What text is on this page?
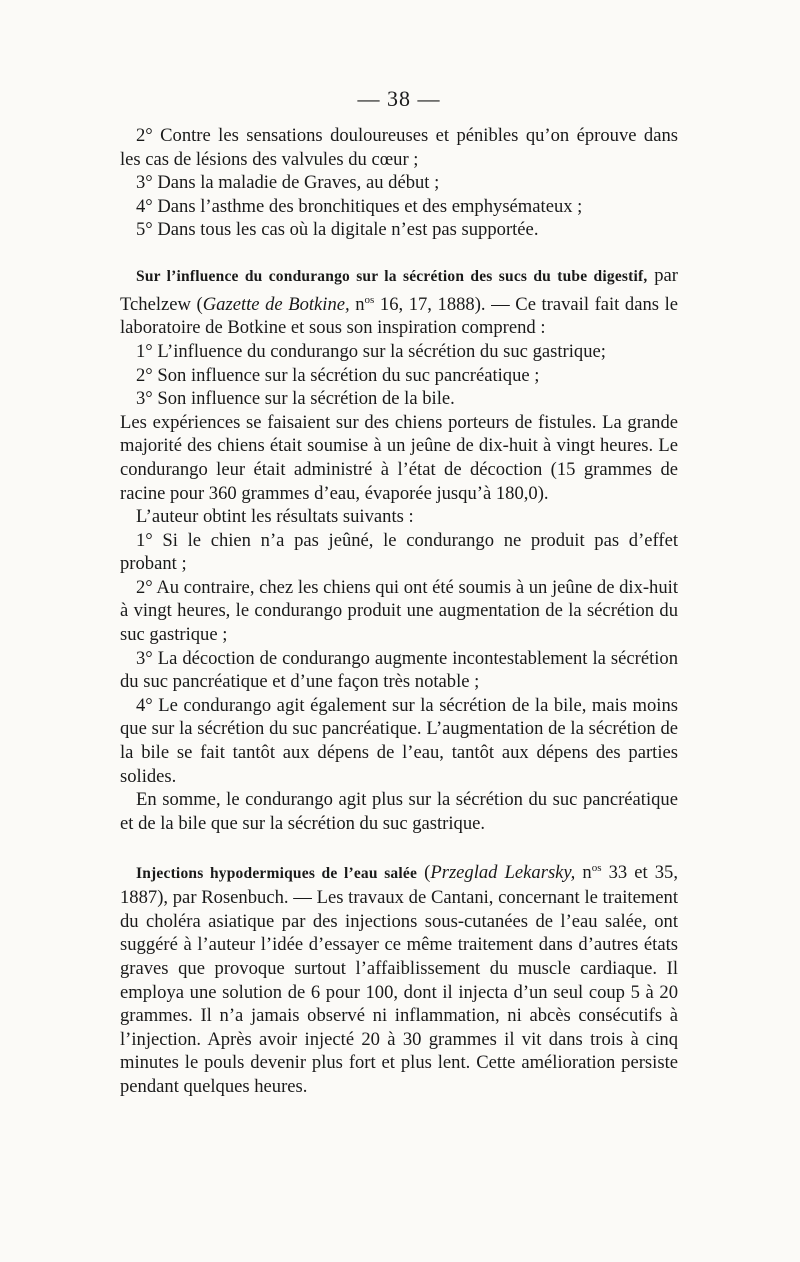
— 38 —

2° Contre les sensations douloureuses et pénibles qu’on éprouve dans les cas de lésions des valvules du cœur ;

3° Dans la maladie de Graves, au début ;

4° Dans l’asthme des bronchitiques et des emphysémateux ;

5° Dans tous les cas où la digitale n’est pas supportée.

Sur l’influence du condurango sur la sécrétion des sucs du tube digestif, par Tchelzew (Gazette de Botkine, $n^{os}$ 16, 17, 1888). — Ce travail fait dans le laboratoire de Botkine et sous son inspiration comprend :

1° L’influence du condurango sur la sécrétion du suc gastrique;

2° Son influence sur la sécrétion du suc pancréatique ;

3° Son influence sur la sécrétion de la bile.

Les expériences se faisaient sur des chiens porteurs de fistules. La grande majorité des chiens était soumise à un jeûne de dix-huit à vingt heures. Le condurango leur était administré à l’état de décoction (15 grammes de racine pour 360 grammes d’eau, évaporée jusqu’à 180,0).

L’auteur obtint les résultats suivants :

1° Si le chien n’a pas jeûné, le condurango ne produit pas d’effet probant ;

2° Au contraire, chez les chiens qui ont été soumis à un jeûne de dix-huit à vingt heures, le condurango produit une augmentation de la sécrétion du suc gastrique ;

3° La décoction de condurango augmente incontestablement la sécrétion du suc pancréatique et d’une façon très notable ;

4° Le condurango agit également sur la sécrétion de la bile, mais moins que sur la sécrétion du suc pancréatique. L’augmentation de la sécrétion de la bile se fait tantôt aux dépens de l’eau, tantôt aux dépens des parties solides.

En somme, le condurango agit plus sur la sécrétion du suc pancréatique et de la bile que sur la sécrétion du suc gastrique.

Injections hypodermiques de l’eau salée (Przeglad Lekarsky, $n^{os}$ 33 et 35, 1887), par Rosenbuch. — Les travaux de Cantani, concernant le traitement du choléra asiatique par des injections sous-cutanées de l’eau salée, ont suggéré à l’auteur l’idée d’essayer ce même traitement dans d’autres états graves que provoque surtout l’affaiblissement du muscle cardiaque. Il employa une solution de 6 pour 100, dont il injecta d’un seul coup 5 à 20 grammes. Il n’a jamais observé ni inflammation, ni abcès consécutifs à l’injection. Après avoir injecté 20 à 30 grammes il vit dans trois à cinq minutes le pouls devenir plus fort et plus lent. Cette amélioration persiste pendant quelques heures.
